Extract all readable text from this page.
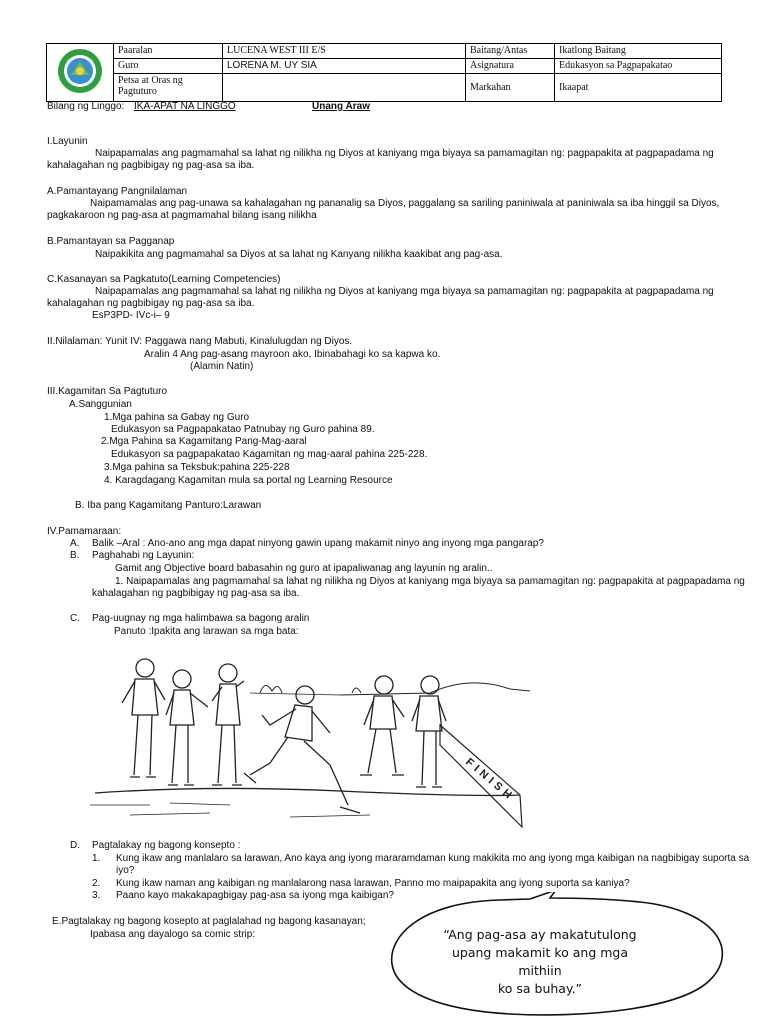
	Paaralan	LUCENA WEST III E/S	Baitang/Antas	Ikatlong Baitang
	Guro	LORENA M. UY SIA	Asignatura	Edukasyon sa Pagpapakatao
	Petsa at Oras ng Pagtuturo		Markahan	Ikaapat
Bilang ng Linggo: IKA-APAT NA LINGGO	Unang Araw
I.Layunin
Naipapamalas ang pagmamahal sa lahat ng nilikha ng Diyos at kaniyang mga biyaya sa pamamagitan ng: pagpapakita at pagpapadama ng
kahalagahan ng pagbibigay ng pag-asa sa iba.
A.Pamantayang Pangnilalaman
Naipamamalas ang pag-unawa sa kahalagahan ng pananalig sa Diyos, paggalang sa sariling paniniwala at paniniwala sa iba hinggil sa Diyos,
pagkakaroon ng pag-asa at pagmamahal bilang isang nilikha
B.Pamantayan sa Pagganap
Naipakikita ang pagmamahal sa Diyos at sa lahat ng Kanyang nilikha kaakibat ang pag-asa.
C.Kasanayan sa Pagkatuto(Learning Competencies)
Naipapamalas ang pagmamahal sa lahat ng nilikha ng Diyos at kaniyang mga biyaya sa pamamagitan ng: pagpapakita at pagpapadama ng
kahalagahan ng pagbibigay ng pag-asa sa iba.
EsP3PD- IVc-i– 9
II.Nilalaman: Yunit IV: Paggawa nang Mabuti, Kinalulugdan ng Diyos.
Aralin 4 Ang pag-asang mayroon ako, Ibinabahagi ko sa kapwa ko.
(Alamin Natin)
III.Kagamitan Sa Pagtuturo
A.Sanggunian
1.Mga pahina sa Gabay ng Guro
Edukasyon sa Pagpapakatao Patnubay ng Guro pahina 89.
2.Mga Pahina sa Kagamitang Pang-Mag-aaral
Edukasyon sa pagpapakatao Kagamitan ng mag-aaral pahina 225-228.
3.Mga pahina sa Teksbuk:pahina 225-228
4. Karagdagang Kagamitan mula sa portal ng Learning Resource
B. Iba pang Kagamitang Panturo:Larawan
IV.Pamamaraan:
A. Balik –Aral : Ano-ano ang mga dapat ninyong gawin upang makamit ninyo ang inyong mga pangarap?
B. Paghahabi ng Layunin:
Gamit ang Objective board babasahin ng guro at ipapaliwanag ang layunin ng aralin..
1. Naipapamalas ang pagmamahal sa lahat ng nilikha ng Diyos at kaniyang mga biyaya sa pamamagitan ng: pagpapakita at pagpapadama ng
kahalagahan ng pagbibigay ng pag-asa sa iba.
C. Pag-uugnay ng mga halimbawa sa bagong aralin
Panuto :Ipakita ang larawan sa mga bata:
FINISH
D. Pagtalakay ng bagong konsepto :
1. Kung ikaw ang manlalaro sa larawan, Ano kaya ang iyong mararamdaman kung makikita mo ang iyong mga kaibigan na nagbibigay suporta sa
iyo?
2. Kung ikaw naman ang kaibigan ng manlalarong nasa larawan, Panno mo maipapakita ang iyong suporta sa kaniya?
3. Paano kayo makakapagbigay pag-asa sa iyong mga kaibigan?
E.Pagtalakay ng bagong kosepto at paglalahad ng bagong kasanayan;
Ipabasa ang dayalogo sa comic strip:	“Ang pag-asa ay makatutulong
upang makamit ko ang mga mithiin
ko sa buhay.”
